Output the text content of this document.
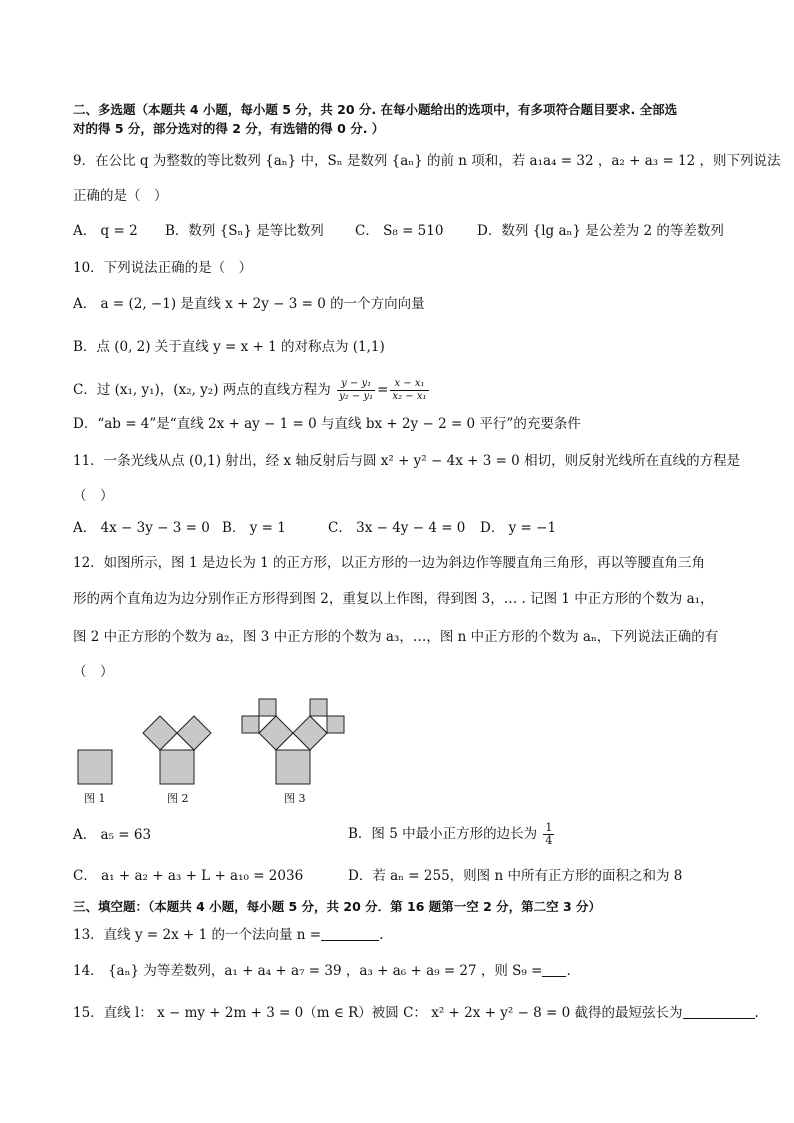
二、多选题（本题共 4 小题，每小题 5 分，共 20 分. 在每小题给出的选项中，有多项符合题目要求. 全部选
对的得 5 分，部分选对的得 2 分，有选错的得 0 分. ）
9．在公比 q 为整数的等比数列 {aₙ} 中，Sₙ 是数列 {aₙ} 的前 n 项和，若 a₁a₄ = 32 ，a₂ + a₃ = 12 ，则下列说法
正确的是（　）
A． q = 2 B．数列 {Sₙ} 是等比数列 C． S₈ = 510 D．数列 {lg aₙ} 是公差为 2 的等差数列
10．下列说法正确的是（　）
A． a = (2, −1) 是直线 x + 2y − 3 = 0 的一个方向向量
B．点 (0, 2) 关于直线 y = x + 1 的对称点为 (1,1)
C．过 (x₁, y₁)，(x₂, y₂) 两点的直线方程为 $\frac{\text{y − y₁}}{\text{y₂ − y₁}} = \frac{\text{x − x₁}}{\text{x₂ − x₁}}$
D．“ab = 4”是“直线 2x + ay − 1 = 0 与直线 bx + 2y − 2 = 0 平行”的充要条件
11．一条光线从点 (0,1) 射出，经 x 轴反射后与圆 x² + y² − 4x + 3 = 0 相切，则反射光线所在直线的方程是
（　）
A． 4x − 3y − 3 = 0 B． y = 1	C． 3x − 4y − 4 = 0 D． y = −1
12．如图所示，图 1 是边长为 1 的正方形，以正方形的一边为斜边作等腰直角三角形，再以等腰直角三角
形的两个直角边为边分别作正方形得到图 2，重复以上作图，得到图 3，… . 记图 1 中正方形的个数为 a₁，
图 2 中正方形的个数为 a₂，图 3 中正方形的个数为 a₃，…，图 n 中正方形的个数为 aₙ，下列说法正确的有
（　）
图 1	图 2	图 3
A． a₅ = 63	B．图 5 中最小正方形的边长为 $\frac{1}{4}$
C． a₁ + a₂ + a₃ + L + a₁₀ = 2036	D．若 aₙ = 255，则图 n 中所有正方形的面积之和为 8
三、填空题：（本题共 4 小题，每小题 5 分，共 20 分．第 16 题第一空 2 分，第二空 3 分）
13．直线 y = 2x + 1 的一个法向量 n =	.
14． {aₙ} 为等差数列，a₁ + a₄ + a₇ = 39 ，a₃ + a₆ + a₉ = 27 ，则 S₉ = .
15．直线 l： x − my + 2m + 3 = 0（m ∈ R）被圆 C： x² + 2x + y² − 8 = 0 截得的最短弦长为	.
